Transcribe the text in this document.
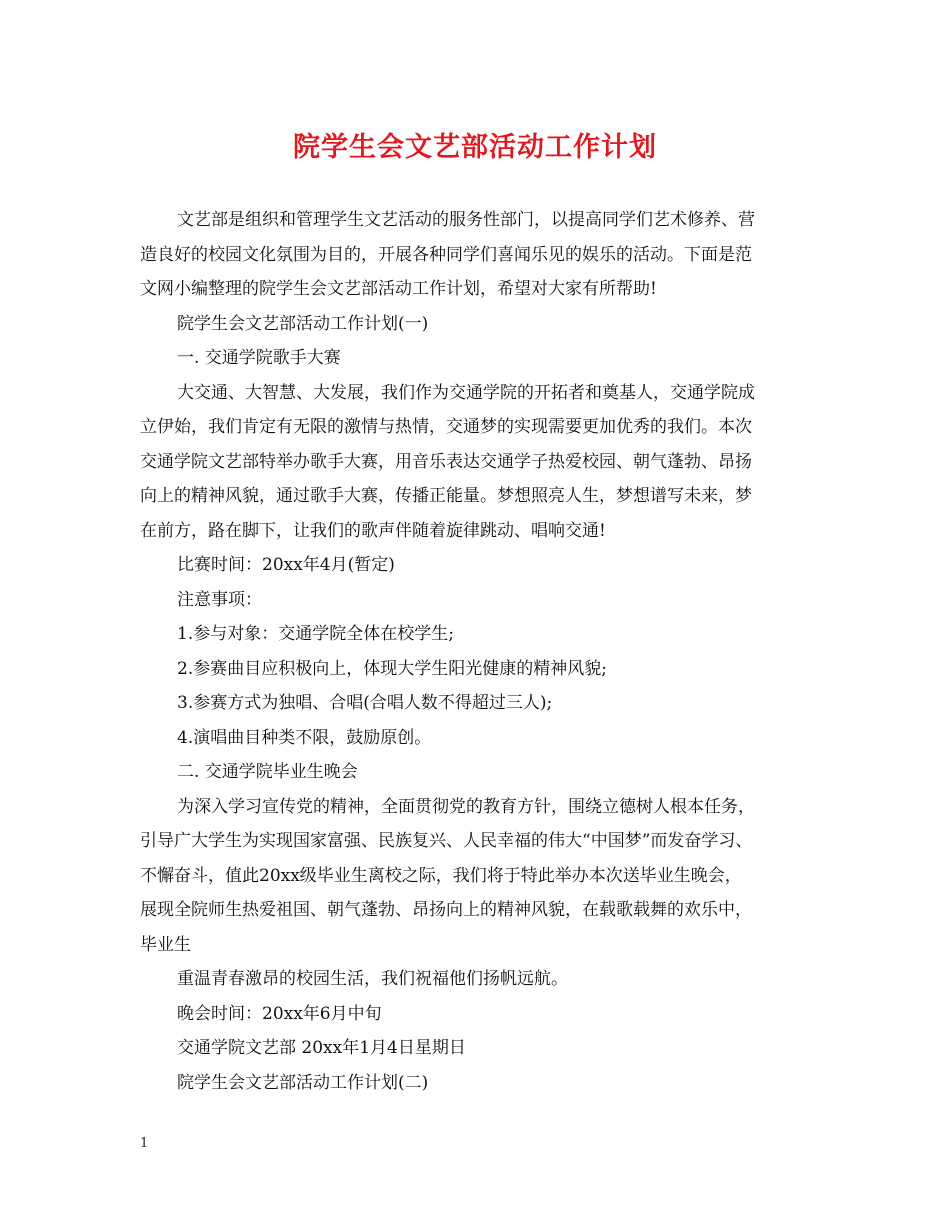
院学生会文艺部活动工作计划

文艺部是组织和管理学生文艺活动的服务性部门，以提高同学们艺术修养、营
造良好的校园文化氛围为目的，开展各种同学们喜闻乐见的娱乐的活动。下面是范
文网小编整理的院学生会文艺部活动工作计划，希望对大家有所帮助!

院学生会文艺部活动工作计划(一)

一. 交通学院歌手大赛

大交通、大智慧、大发展，我们作为交通学院的开拓者和奠基人，交通学院成
立伊始，我们肯定有无限的激情与热情，交通梦的实现需要更加优秀的我们。本次
交通学院文艺部特举办歌手大赛，用音乐表达交通学子热爱校园、朝气蓬勃、昂扬
向上的精神风貌，通过歌手大赛，传播正能量。梦想照亮人生，梦想谱写未来，梦
在前方，路在脚下，让我们的歌声伴随着旋律跳动、唱响交通!

比赛时间：20xx年4月(暂定)

注意事项：

1.参与对象：交通学院全体在校学生;

2.参赛曲目应积极向上，体现大学生阳光健康的精神风貌;

3.参赛方式为独唱、合唱(合唱人数不得超过三人);

4.演唱曲目种类不限，鼓励原创。

二. 交通学院毕业生晚会

为深入学习宣传党的精神，全面贯彻党的教育方针，围绕立德树人根本任务，
引导广大学生为实现国家富强、民族复兴、人民幸福的伟大“中国梦”而发奋学习、
不懈奋斗，值此20xx级毕业生离校之际，我们将于特此举办本次送毕业生晚会，
展现全院师生热爱祖国、朝气蓬勃、昂扬向上的精神风貌，在载歌载舞的欢乐中，
毕业生

重温青春激昂的校园生活，我们祝福他们扬帆远航。

晚会时间：20xx年6月中旬

交通学院文艺部 20xx年1月4日星期日

院学生会文艺部活动工作计划(二)

1
